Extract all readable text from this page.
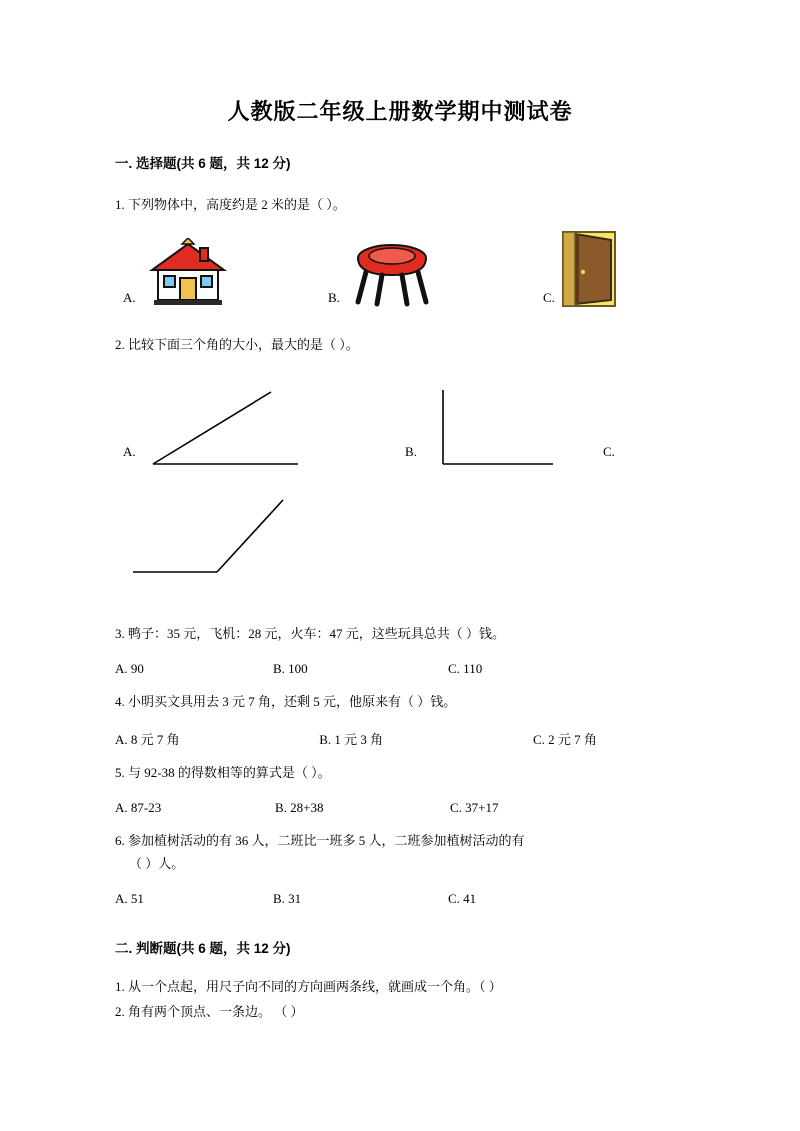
人教版二年级上册数学期中测试卷
一. 选择题(共 6 题，共 12 分)
1. 下列物体中，高度约是 2 米的是（ ）。
A.	B.	C.
2. 比较下面三个角的大小，最大的是（ ）。
A.	B.	C.
3. 鸭子：35 元，飞机：28 元，火车：47 元，这些玩具总共（ ）钱。
A. 90	B. 100	C. 110
4. 小明买文具用去 3 元 7 角，还剩 5 元，他原来有（ ）钱。
A. 8 元 7 角	B. 1 元 3 角	C. 2 元 7 角
5. 与 92-38 的得数相等的算式是（ ）。
A. 87-23	B. 28+38	C. 37+17
6. 参加植树活动的有 36 人，二班比一班多 5 人，二班参加植树活动的有
（ ）人。
A. 51	B. 31	C. 41
二. 判断题(共 6 题，共 12 分)
1. 从一个点起，用尺子向不同的方向画两条线，就画成一个角。（ ）
2. 角有两个顶点、一条边。 （ ）
